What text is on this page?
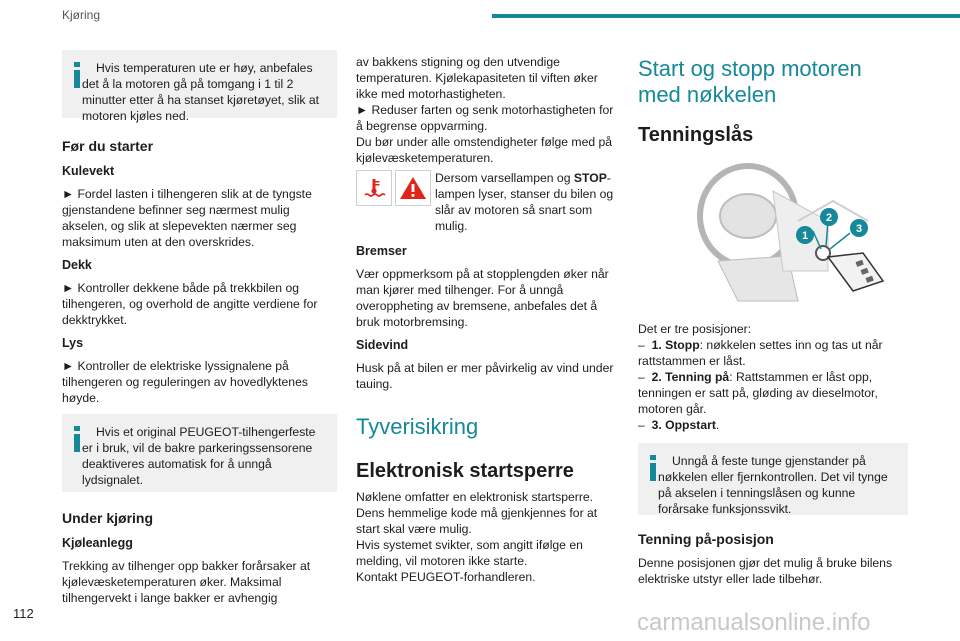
Kjøring
Hvis temperaturen ute er høy, anbefales det å la motoren gå på tomgang i 1 til 2 minutter etter å ha stanset kjøretøyet, slik at motoren kjøles ned.
Før du starter
Kulevekt

► Fordel lasten i tilhengeren slik at de tyngste gjenstandene befinner seg nærmest mulig akselen, og slik at slepevekten nærmer seg maksimum uten at den overskrides.

Dekk

► Kontroller dekkene både på trekkbilen og tilhengeren, og overhold de angitte verdiene for dekktrykket.

Lys

► Kontroller de elektriske lyssignalene på tilhengeren og reguleringen av hovedlyktenes høyde.

Hvis et original PEUGEOT-tilhengerfeste er i bruk, vil de bakre parkeringssensorene deaktiveres automatisk for å unngå lydsignalet.
Under kjøring
Kjøleanlegg

Trekking av tilhenger opp bakker forårsaker at kjølevæsketemperaturen øker. Maksimal tilhengervekt i lange bakker er avhengig

av bakkens stigning og den utvendige temperaturen. Kjølekapasiteten til viften øker ikke med motorhastigheten.

► Reduser farten og senk motorhastigheten for å begrense oppvarming.

Du bør under alle omstendigheter følge med på kjølevæsketemperaturen.

Dersom varsellampen og STOP-lampen lyser, stanser du bilen og slår av motoren så snart som mulig.
Bremser

Vær oppmerksom på at stopplengden øker når man kjører med tilhenger. For å unngå overoppheting av bremsene, anbefales det å bruk motorbremsing.

Sidevind

Husk på at bilen er mer påvirkelig av vind under tauing.

Tyverisikring
Elektronisk startsperre

Nøklene omfatter en elektronisk startsperre. Dens hemmelige kode må gjenkjennes for at start skal være mulig.

Hvis systemet svikter, som angitt ifølge en melding, vil motoren ikke starte.

Kontakt PEUGEOT-forhandleren.

Start og stopp motoren
med nøkkelen
Tenningslås
1
2
3

Det er tre posisjoner:

– 1. Stopp: nøkkelen settes inn og tas ut når rattstammen er låst.

– 2. Tenning på: Rattstammen er låst opp, tenningen er satt på, gløding av dieselmotor, motoren går.

– 3. Oppstart.

Unngå å feste tunge gjenstander på nøkkelen eller fjernkontrollen. Det vil tynge på akselen i tenningslåsen og kunne forårsake funksjonssvikt.
Tenning på-posisjon

Denne posisjonen gjør det mulig å bruke bilens elektriske utstyr eller lade tilbehør.

112	carmanualsonline.info
